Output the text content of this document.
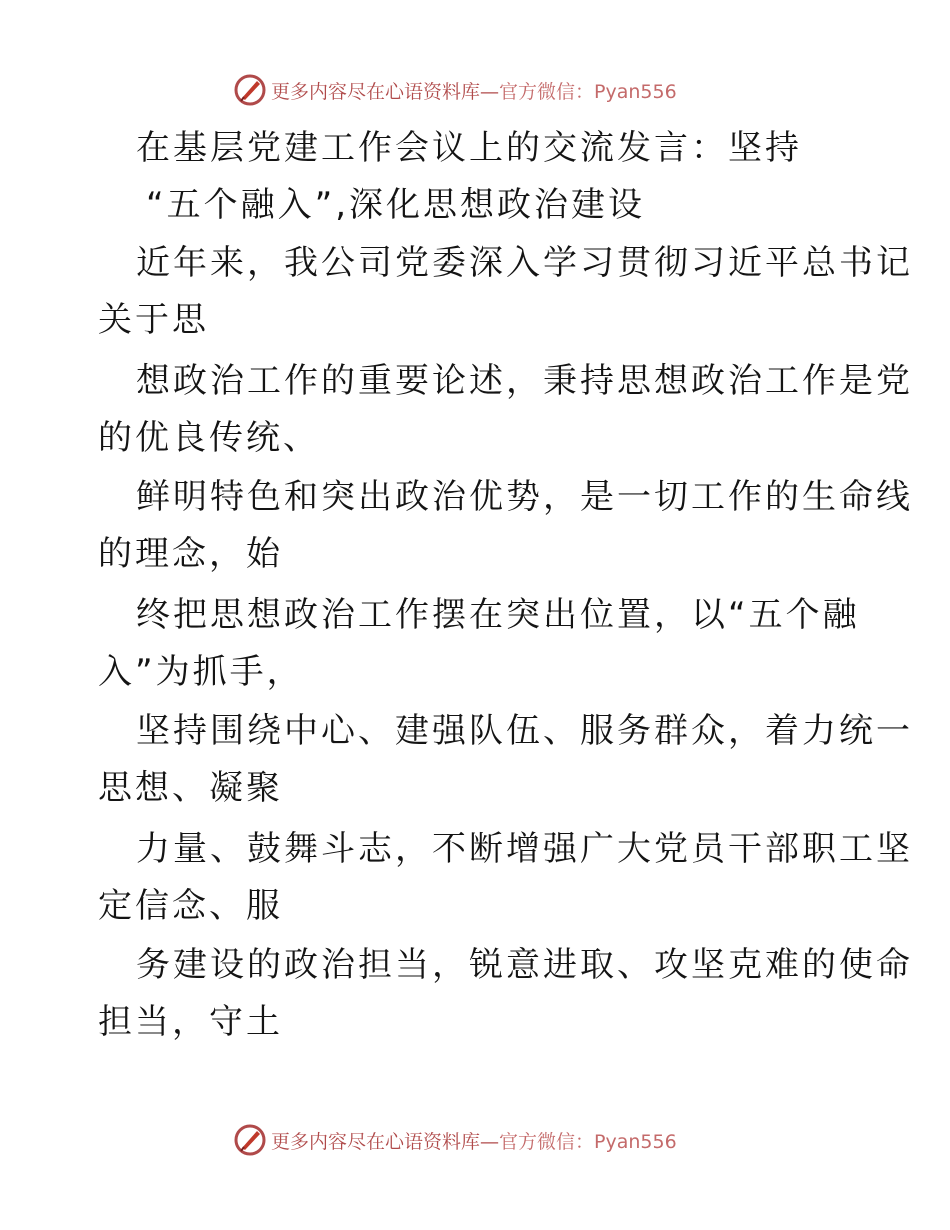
更多内容尽在心语资料库— 官方微信：Pyan556
在基层党建工作会议上的交流发言：坚持
“五个融入”,深化思想政治建设
近年来，我公司党委深入学习贯彻习近平总书记
关于思
想政治工作的重要论述，秉持思想政治工作是党
的优良传统、
鲜明特色和突出政治优势，是一切工作的生命线
的理念，始
终把思想政治工作摆在突出位置，以“五个融
入”为抓手，
坚持围绕中心、建强队伍、服务群众，着力统一
思想、凝聚
力量、鼓舞斗志，不断增强广大党员干部职工坚
定信念、服
务建设的政治担当，锐意进取、攻坚克难的使命
担当，守土
更多内容尽在心语资料库— 官方微信：Pyan556
